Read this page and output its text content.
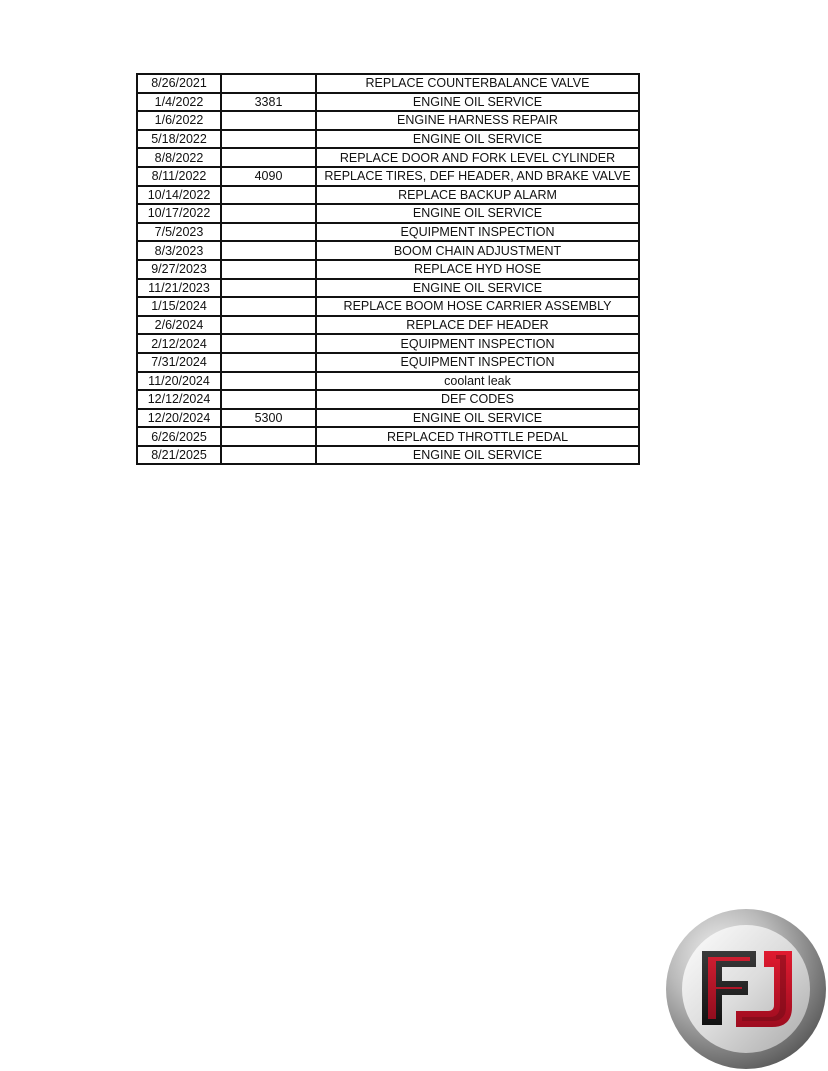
8/26/2021		REPLACE COUNTERBALANCE VALVE
1/4/2022	3381	ENGINE OIL SERVICE
1/6/2022		ENGINE HARNESS REPAIR
5/18/2022		ENGINE OIL SERVICE
8/8/2022		REPLACE DOOR AND FORK LEVEL CYLINDER
8/11/2022	4090	REPLACE TIRES, DEF HEADER, AND BRAKE VALVE
10/14/2022		REPLACE BACKUP ALARM
10/17/2022		ENGINE OIL SERVICE
7/5/2023		EQUIPMENT INSPECTION
8/3/2023		BOOM CHAIN ADJUSTMENT
9/27/2023		REPLACE HYD HOSE
11/21/2023		ENGINE OIL SERVICE
1/15/2024		REPLACE BOOM HOSE CARRIER ASSEMBLY
2/6/2024		REPLACE DEF HEADER
2/12/2024		EQUIPMENT INSPECTION
7/31/2024		EQUIPMENT INSPECTION
11/20/2024		coolant leak
12/12/2024		DEF CODES
12/20/2024	5300	ENGINE OIL SERVICE
6/26/2025		REPLACED THROTTLE PEDAL
8/21/2025		ENGINE OIL SERVICE
